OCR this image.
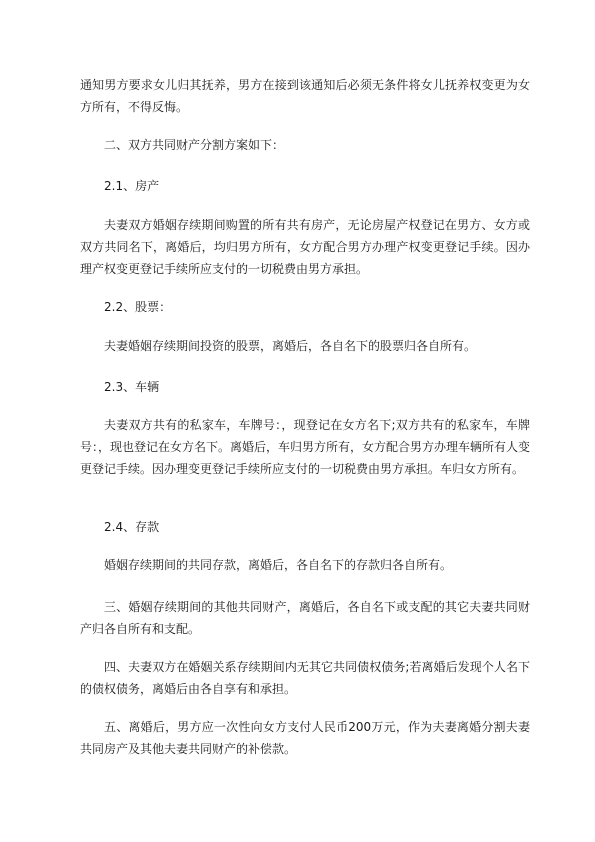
通知男方要求女儿归其抚养，男方在接到该通知后必须无条件将女儿抚养权变更为女方所有，不得反悔。

二、双方共同财产分割方案如下：

2.1、房产

夫妻双方婚姻存续期间购置的所有共有房产，无论房屋产权登记在男方、女方或双方共同名下，离婚后，均归男方所有，女方配合男方办理产权变更登记手续。因办理产权变更登记手续所应支付的一切税费由男方承担。

2.2、股票：

夫妻婚姻存续期间投资的股票，离婚后，各自名下的股票归各自所有。

2.3、车辆

夫妻双方共有的私家车，车牌号：，现登记在女方名下;双方共有的私家车，车牌号：，现也登记在女方名下。离婚后，车归男方所有，女方配合男方办理车辆所有人变更登记手续。因办理变更登记手续所应支付的一切税费由男方承担。车归女方所有。

2.4、存款

婚姻存续期间的共同存款，离婚后，各自名下的存款归各自所有。

三、婚姻存续期间的其他共同财产，离婚后，各自名下或支配的其它夫妻共同财产归各自所有和支配。

四、夫妻双方在婚姻关系存续期间内无其它共同债权债务;若离婚后发现个人名下的债权债务，离婚后由各自享有和承担。

五、离婚后，男方应一次性向女方支付人民币200万元，作为夫妻离婚分割夫妻共同房产及其他夫妻共同财产的补偿款。
